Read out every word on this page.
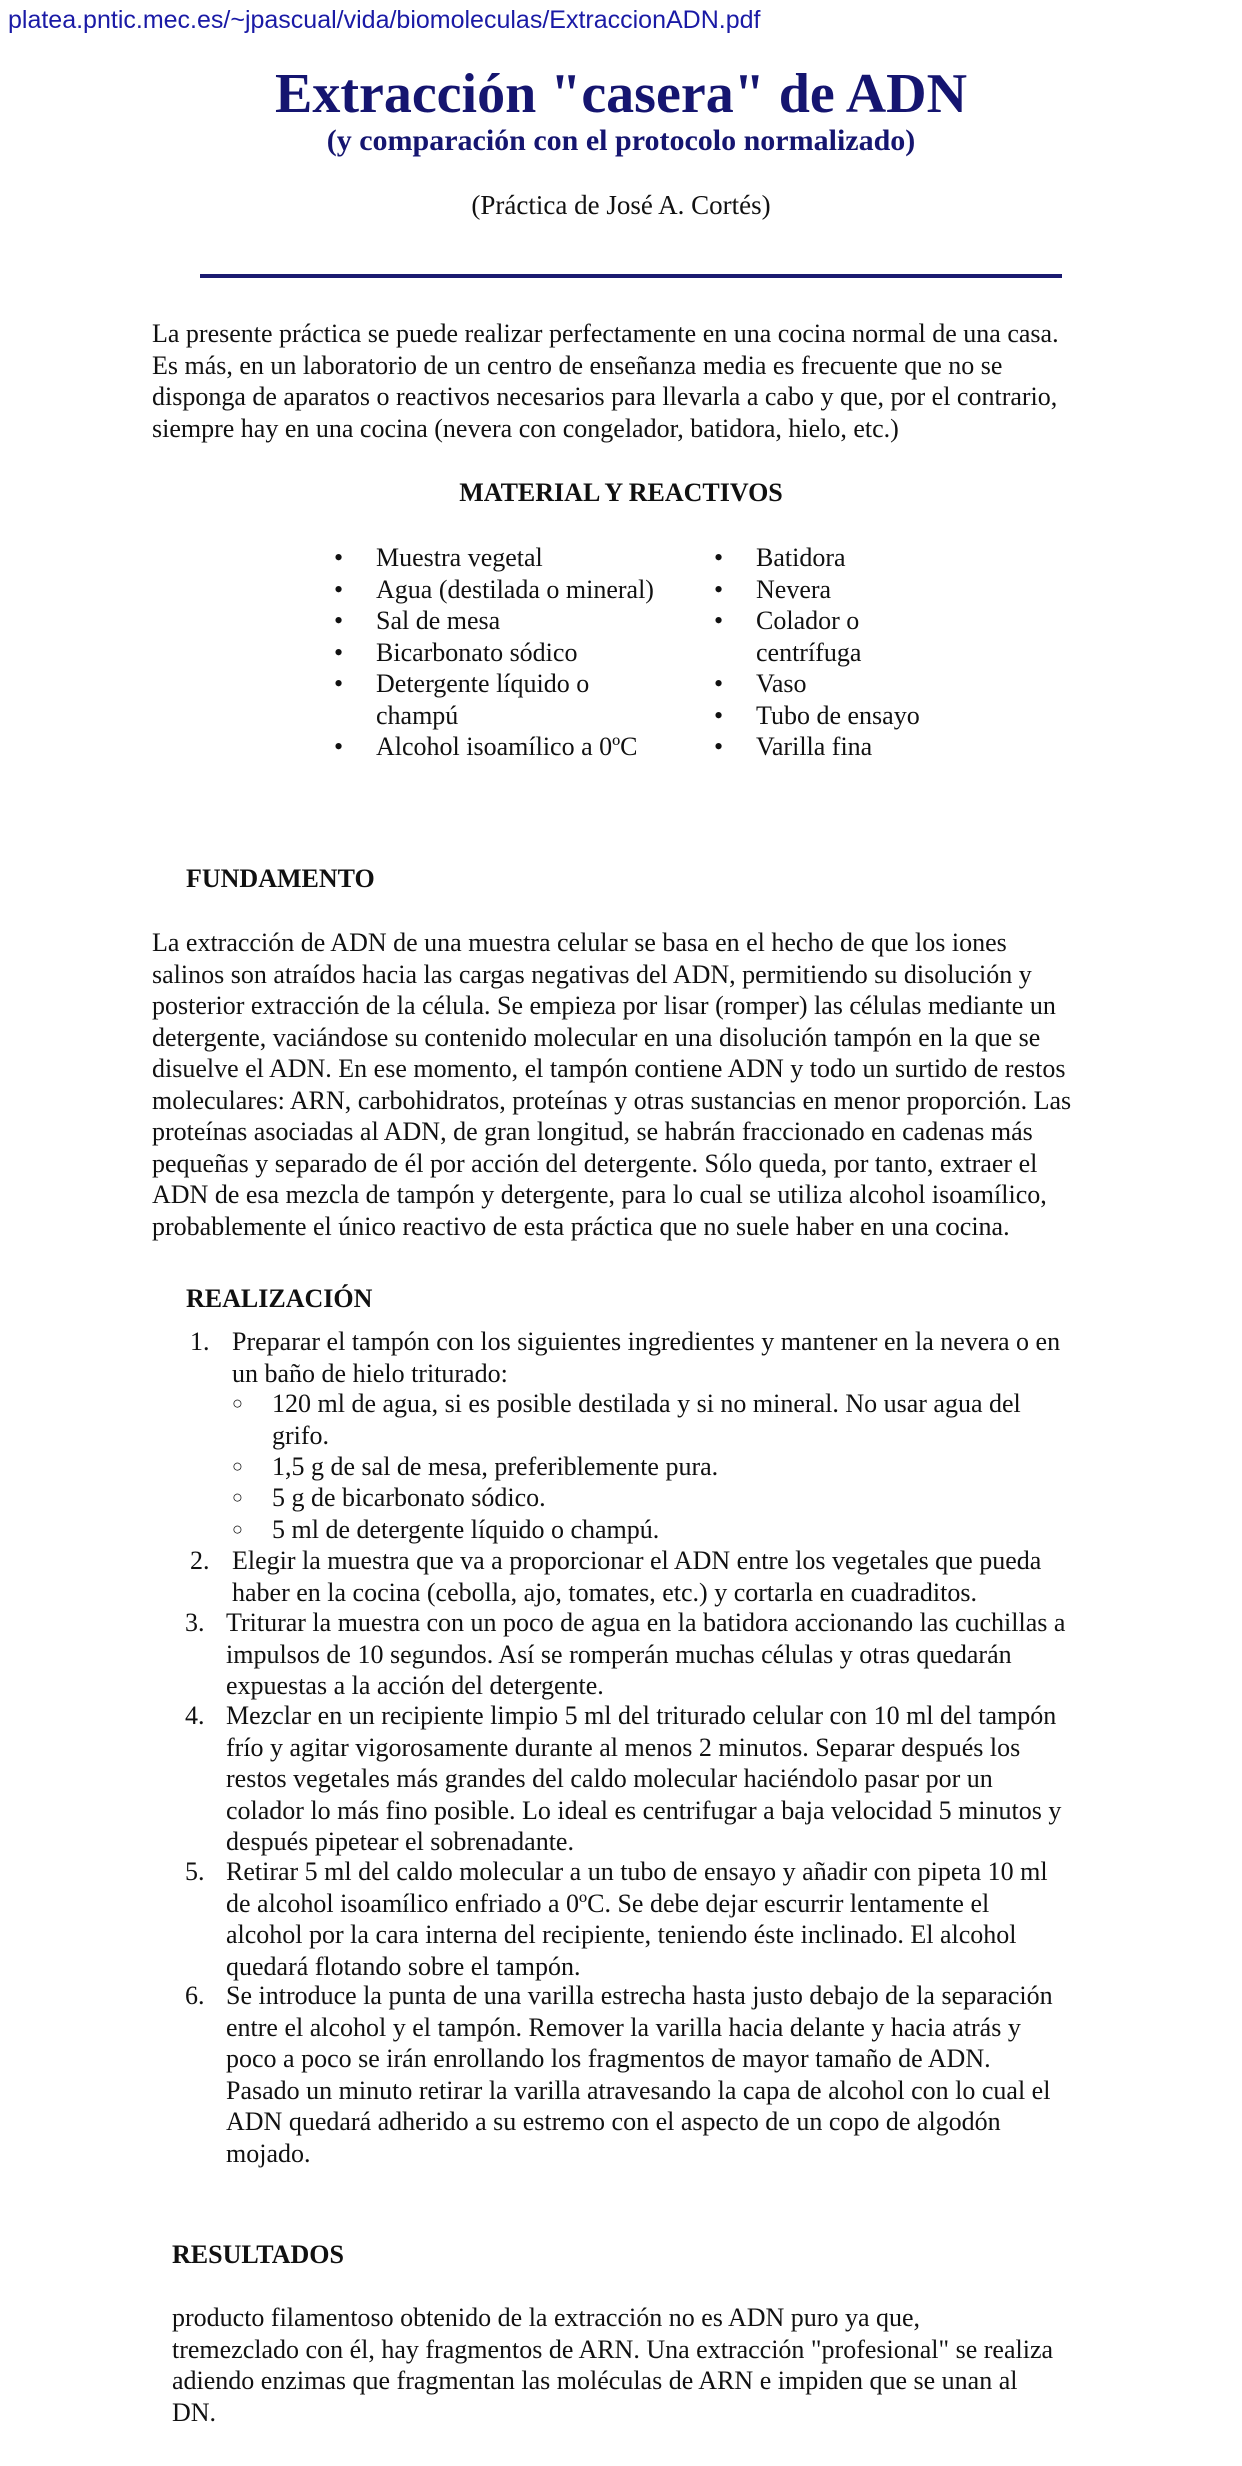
platea.pntic.mec.es/~jpascual/vida/biomoleculas/ExtraccionADN.pdf
Extracción "casera" de ADN
(y comparación con el protocolo normalizado)
(Práctica de José A. Cortés)
La presente práctica se puede realizar perfectamente en una cocina normal de una casa.
Es más, en un laboratorio de un centro de enseñanza media es frecuente que no se
disponga de aparatos o reactivos necesarios para llevarla a cabo y que, por el contrario,
siempre hay en una cocina (nevera con congelador, batidora, hielo, etc.)
MATERIAL Y REACTIVOS
• Muestra vegetal
• Agua (destilada o mineral)
• Sal de mesa
• Bicarbonato sódico
• Detergente líquido o
champú
• Alcohol isoamílico a 0ºC
• Batidora
• Nevera
• Colador o
centrífuga
• Vaso
• Tubo de ensayo
• Varilla fina
FUNDAMENTO
La extracción de ADN de una muestra celular se basa en el hecho de que los iones
salinos son atraídos hacia las cargas negativas del ADN, permitiendo su disolución y
posterior extracción de la célula. Se empieza por lisar (romper) las células mediante un
detergente, vaciándose su contenido molecular en una disolución tampón en la que se
disuelve el ADN. En ese momento, el tampón contiene ADN y todo un surtido de restos
moleculares: ARN, carbohidratos, proteínas y otras sustancias en menor proporción. Las
proteínas asociadas al ADN, de gran longitud, se habrán fraccionado en cadenas más
pequeñas y separado de él por acción del detergente. Sólo queda, por tanto, extraer el
ADN de esa mezcla de tampón y detergente, para lo cual se utiliza alcohol isoamílico,
probablemente el único reactivo de esta práctica que no suele haber en una cocina.
REALIZACIÓN
1. Preparar el tampón con los siguientes ingredientes y mantener en la nevera o en
un baño de hielo triturado:
2. Elegir la muestra que va a proporcionar el ADN entre los vegetales que pueda
haber en la cocina (cebolla, ajo, tomates, etc.) y cortarla en cuadraditos.
3. Triturar la muestra con un poco de agua en la batidora accionando las cuchillas a
impulsos de 10 segundos. Así se romperán muchas células y otras quedarán
expuestas a la acción del detergente.
4. Mezclar en un recipiente limpio 5 ml del triturado celular con 10 ml del tampón
frío y agitar vigorosamente durante al menos 2 minutos. Separar después los
restos vegetales más grandes del caldo molecular haciéndolo pasar por un
colador lo más fino posible. Lo ideal es centrifugar a baja velocidad 5 minutos y
después pipetear el sobrenadante.
5. Retirar 5 ml del caldo molecular a un tubo de ensayo y añadir con pipeta 10 ml
de alcohol isoamílico enfriado a 0ºC. Se debe dejar escurrir lentamente el
alcohol por la cara interna del recipiente, teniendo éste inclinado. El alcohol
quedará flotando sobre el tampón.
6. Se introduce la punta de una varilla estrecha hasta justo debajo de la separación
entre el alcohol y el tampón. Remover la varilla hacia delante y hacia atrás y
poco a poco se irán enrollando los fragmentos de mayor tamaño de ADN.
Pasado un minuto retirar la varilla atravesando la capa de alcohol con lo cual el
ADN quedará adherido a su estremo con el aspecto de un copo de algodón
mojado.
○ 120 ml de agua, si es posible destilada y si no mineral. No usar agua del
grifo.
○ 1,5 g de sal de mesa, preferiblemente pura.
○ 5 g de bicarbonato sódico.
○ 5 ml de detergente líquido o champú.
RESULTADOS
producto filamentoso obtenido de la extracción no es ADN puro ya que,
tremezclado con él, hay fragmentos de ARN. Una extracción "profesional" se realiza
adiendo enzimas que fragmentan las moléculas de ARN e impiden que se unan al
DN.
